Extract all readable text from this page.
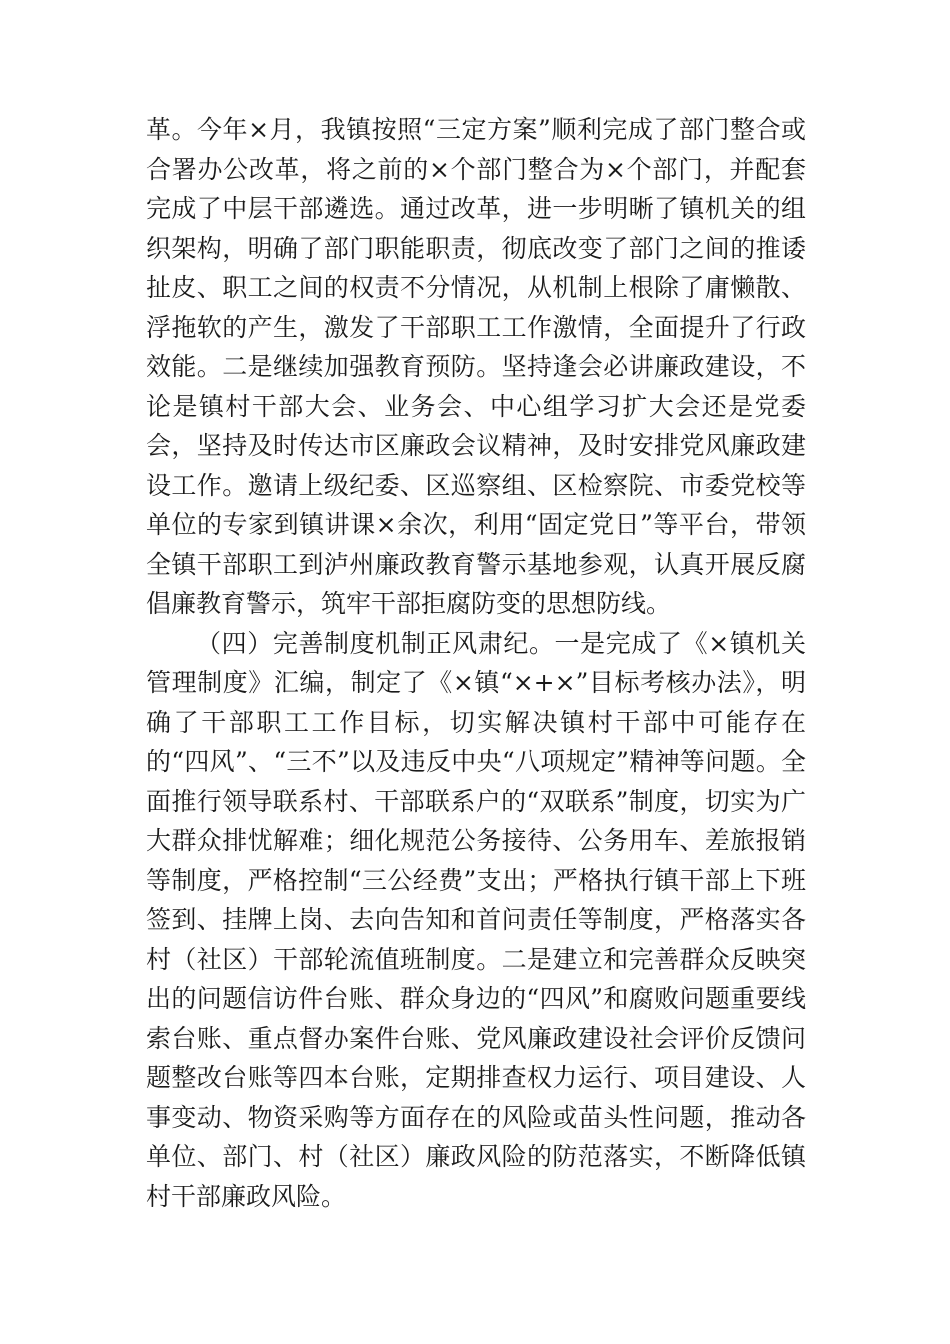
革。今年×月，我镇按照“三定方案”顺利完成了部门整合或合署办公改革，将之前的×个部门整合为×个部门，并配套完成了中层干部遴选。通过改革，进一步明晰了镇机关的组织架构，明确了部门职能职责，彻底改变了部门之间的推诿扯皮、职工之间的权责不分情况，从机制上根除了庸懒散、浮拖软的产生，激发了干部职工工作激情，全面提升了行政效能。二是继续加强教育预防。坚持逢会必讲廉政建设，不论是镇村干部大会、业务会、中心组学习扩大会还是党委会，坚持及时传达市区廉政会议精神，及时安排党风廉政建设工作。邀请上级纪委、区巡察组、区检察院、市委党校等单位的专家到镇讲课×余次，利用“固定党日”等平台，带领全镇干部职工到泸州廉政教育警示基地参观，认真开展反腐倡廉教育警示，筑牢干部拒腐防变的思想防线。

（四）完善制度机制正风肃纪。一是完成了《×镇机关管理制度》汇编，制定了《×镇“×+×”目标考核办法》，明确了干部职工工作目标，切实解决镇村干部中可能存在的“四风”、“三不”以及违反中央“八项规定”精神等问题。全面推行领导联系村、干部联系户的“双联系”制度，切实为广大群众排忧解难；细化规范公务接待、公务用车、差旅报销等制度，严格控制“三公经费”支出；严格执行镇干部上下班签到、挂牌上岗、去向告知和首问责任等制度，严格落实各村（社区）干部轮流值班制度。二是建立和完善群众反映突出的问题信访件台账、群众身边的“四风”和腐败问题重要线索台账、重点督办案件台账、党风廉政建设社会评价反馈问题整改台账等四本台账，定期排查权力运行、项目建设、人事变动、物资采购等方面存在的风险或苗头性问题，推动各单位、部门、村（社区）廉政风险的防范落实，不断降低镇村干部廉政风险。
